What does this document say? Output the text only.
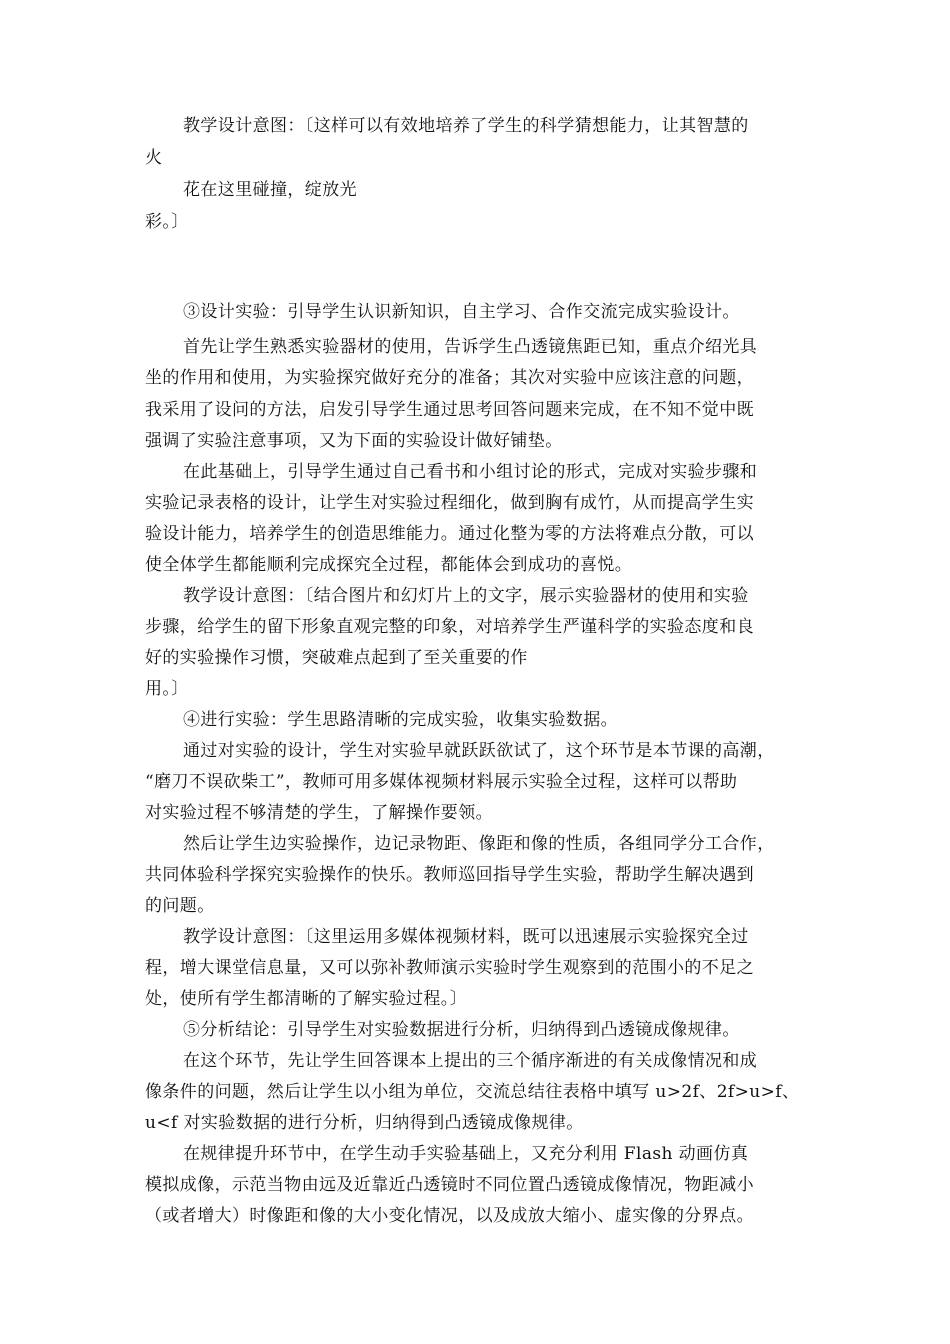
教学设计意图：〔这样可以有效地培养了学生的科学猜想能力，让其智慧的
火
花在这里碰撞，绽放光
彩。〕
③设计实验：引导学生认识新知识，自主学习、合作交流完成实验设计。
首先让学生熟悉实验器材的使用，告诉学生凸透镜焦距已知，重点介绍光具
坐的作用和使用，为实验探究做好充分的准备；其次对实验中应该注意的问题，
我采用了设问的方法，启发引导学生通过思考回答问题来完成，在不知不觉中既
强调了实验注意事项，又为下面的实验设计做好铺垫。
在此基础上，引导学生通过自己看书和小组讨论的形式，完成对实验步骤和
实验记录表格的设计，让学生对实验过程细化，做到胸有成竹，从而提高学生实
验设计能力，培养学生的创造思维能力。通过化整为零的方法将难点分散，可以
使全体学生都能顺利完成探究全过程，都能体会到成功的喜悦。
教学设计意图：〔结合图片和幻灯片上的文字，展示实验器材的使用和实验
步骤，给学生的留下形象直观完整的印象，对培养学生严谨科学的实验态度和良
好的实验操作习惯，突破难点起到了至关重要的作
用。〕
④进行实验：学生思路清晰的完成实验，收集实验数据。
通过对实验的设计，学生对实验早就跃跃欲试了，这个环节是本节课的高潮，
“磨刀不误砍柴工”，教师可用多媒体视频材料展示实验全过程，这样可以帮助
对实验过程不够清楚的学生，了解操作要领。
然后让学生边实验操作，边记录物距、像距和像的性质，各组同学分工合作，
共同体验科学探究实验操作的快乐。教师巡回指导学生实验，帮助学生解决遇到
的问题。
教学设计意图：〔这里运用多媒体视频材料，既可以迅速展示实验探究全过
程，增大课堂信息量，又可以弥补教师演示实验时学生观察到的范围小的不足之
处，使所有学生都清晰的了解实验过程。〕
⑤分析结论：引导学生对实验数据进行分析，归纳得到凸透镜成像规律。
在这个环节，先让学生回答课本上提出的三个循序渐进的有关成像情况和成
像条件的问题，然后让学生以小组为单位，交流总结往表格中填写 u>2f、2f>u>f、
u<f 对实验数据的进行分析，归纳得到凸透镜成像规律。
在规律提升环节中，在学生动手实验基础上，又充分利用 Flash 动画仿真
模拟成像，示范当物由远及近靠近凸透镜时不同位置凸透镜成像情况，物距减小
（或者增大）时像距和像的大小变化情况，以及成放大缩小、虚实像的分界点。
